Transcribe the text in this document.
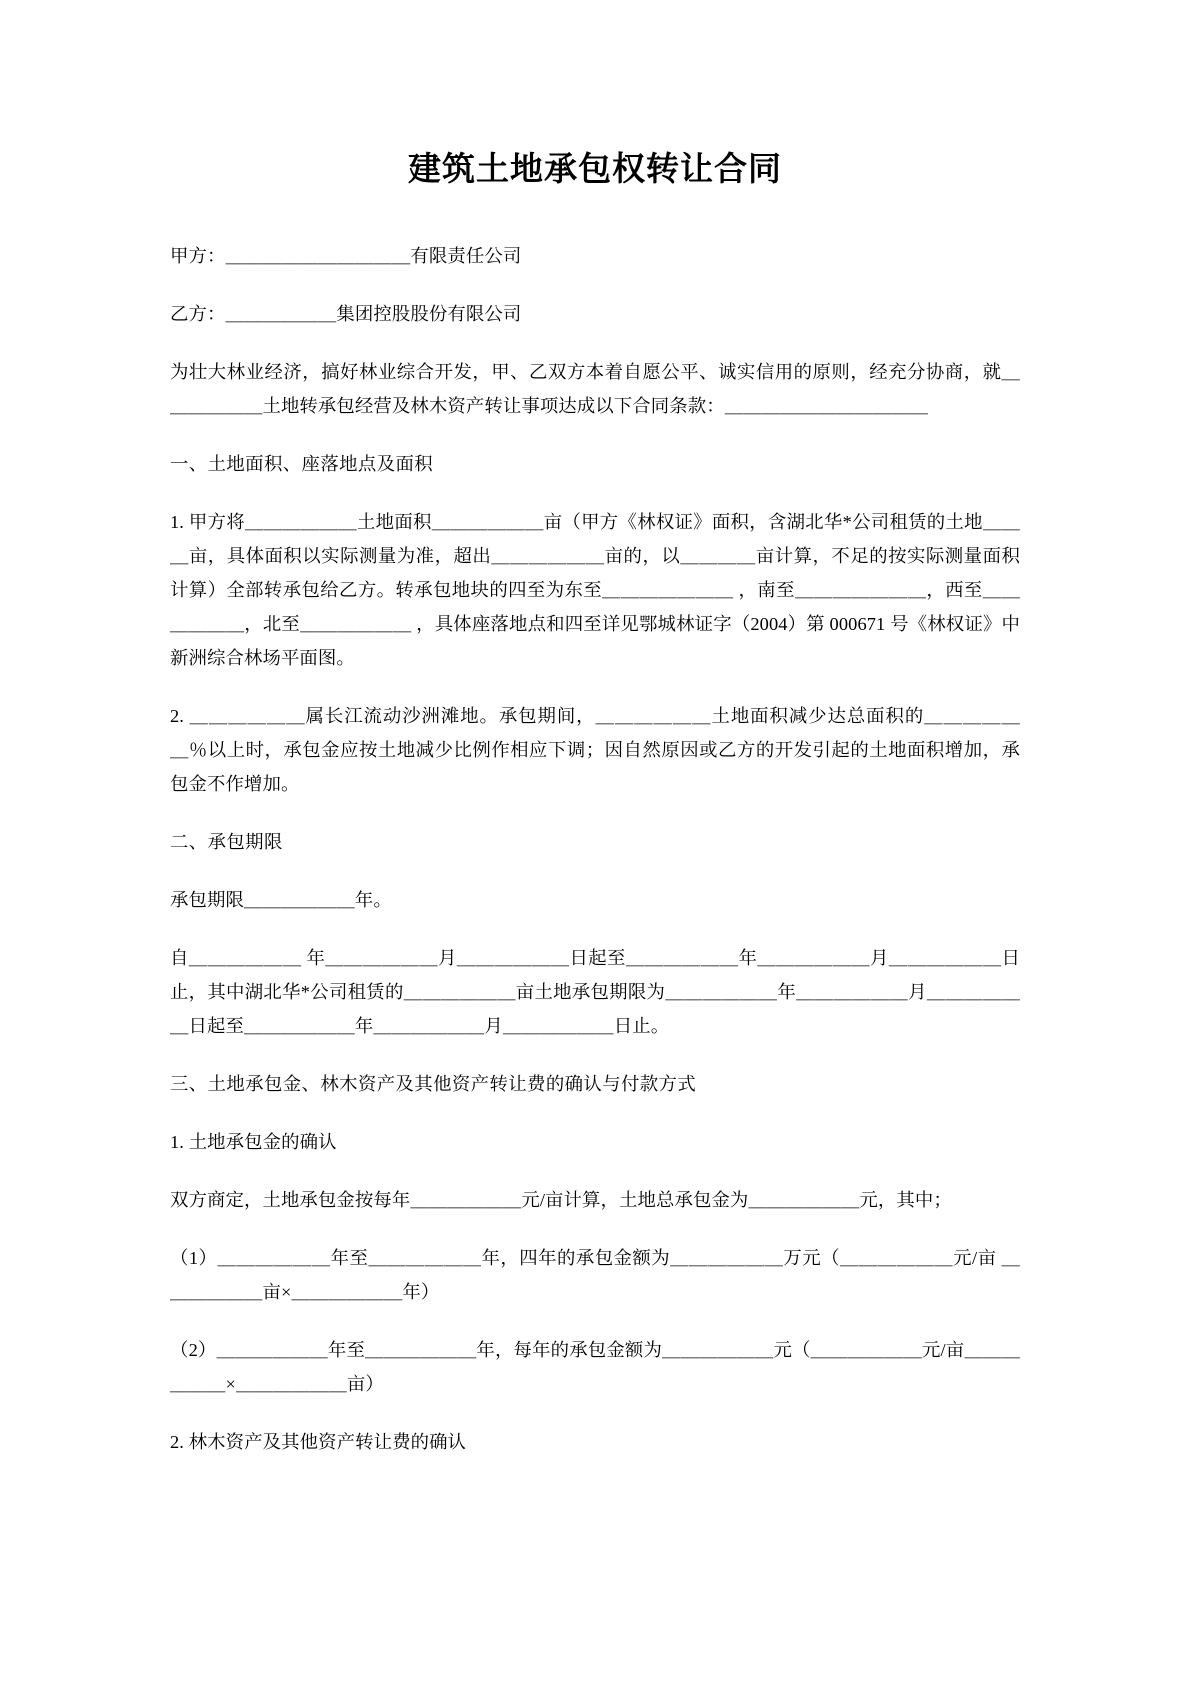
建筑土地承包权转让合同

甲方：＿＿＿＿＿＿＿＿＿＿有限责任公司

乙方：＿＿＿＿＿＿集团控股股份有限公司

为壮大林业经济，搞好林业综合开发，甲、乙双方本着自愿公平、诚实信用的原则，经充分协商，就＿＿＿＿＿＿土地转承包经营及林木资产转让事项达成以下合同条款：＿＿＿＿＿＿＿＿＿＿＿

一、土地面积、座落地点及面积

1. 甲方将＿＿＿＿＿＿土地面积＿＿＿＿＿＿亩（甲方《林权证》面积，含湖北华*公司租赁的土地＿＿＿亩，具体面积以实际测量为准，超出＿＿＿＿＿＿亩的，以＿＿＿＿亩计算，不足的按实际测量面积计算）全部转承包给乙方。转承包地块的四至为东至＿＿＿＿＿＿＿ ，南至＿＿＿＿＿＿＿，西至＿＿＿＿＿＿，北至＿＿＿＿＿＿ ，具体座落地点和四至详见鄂城林证字（2004）第 000671 号《林权证》中新洲综合林场平面图。

2. ＿＿＿＿＿＿属长江流动沙洲滩地。承包期间，＿＿＿＿＿＿土地面积减少达总面积的＿＿＿＿＿＿％以上时，承包金应按土地减少比例作相应下调；因自然原因或乙方的开发引起的土地面积增加，承包金不作增加。

二、承包期限

承包期限＿＿＿＿＿＿年。

自＿＿＿＿＿＿ 年＿＿＿＿＿＿月＿＿＿＿＿＿日起至＿＿＿＿＿＿年＿＿＿＿＿＿月＿＿＿＿＿＿日止，其中湖北华*公司租赁的＿＿＿＿＿＿亩土地承包期限为＿＿＿＿＿＿年＿＿＿＿＿＿月＿＿＿＿＿＿日起至＿＿＿＿＿＿年＿＿＿＿＿＿月＿＿＿＿＿＿日止。

三、土地承包金、林木资产及其他资产转让费的确认与付款方式

1. 土地承包金的确认

双方商定，土地承包金按每年＿＿＿＿＿＿元/亩计算，土地总承包金为＿＿＿＿＿＿元，其中；

（1）＿＿＿＿＿＿年至＿＿＿＿＿＿年，四年的承包金额为＿＿＿＿＿＿万元（＿＿＿＿＿＿元/亩 ＿＿＿＿＿＿亩×＿＿＿＿＿＿年）

（2）＿＿＿＿＿＿年至＿＿＿＿＿＿年，每年的承包金额为＿＿＿＿＿＿元（＿＿＿＿＿＿元/亩＿＿＿＿＿＿×＿＿＿＿＿＿亩）

2. 林木资产及其他资产转让费的确认
